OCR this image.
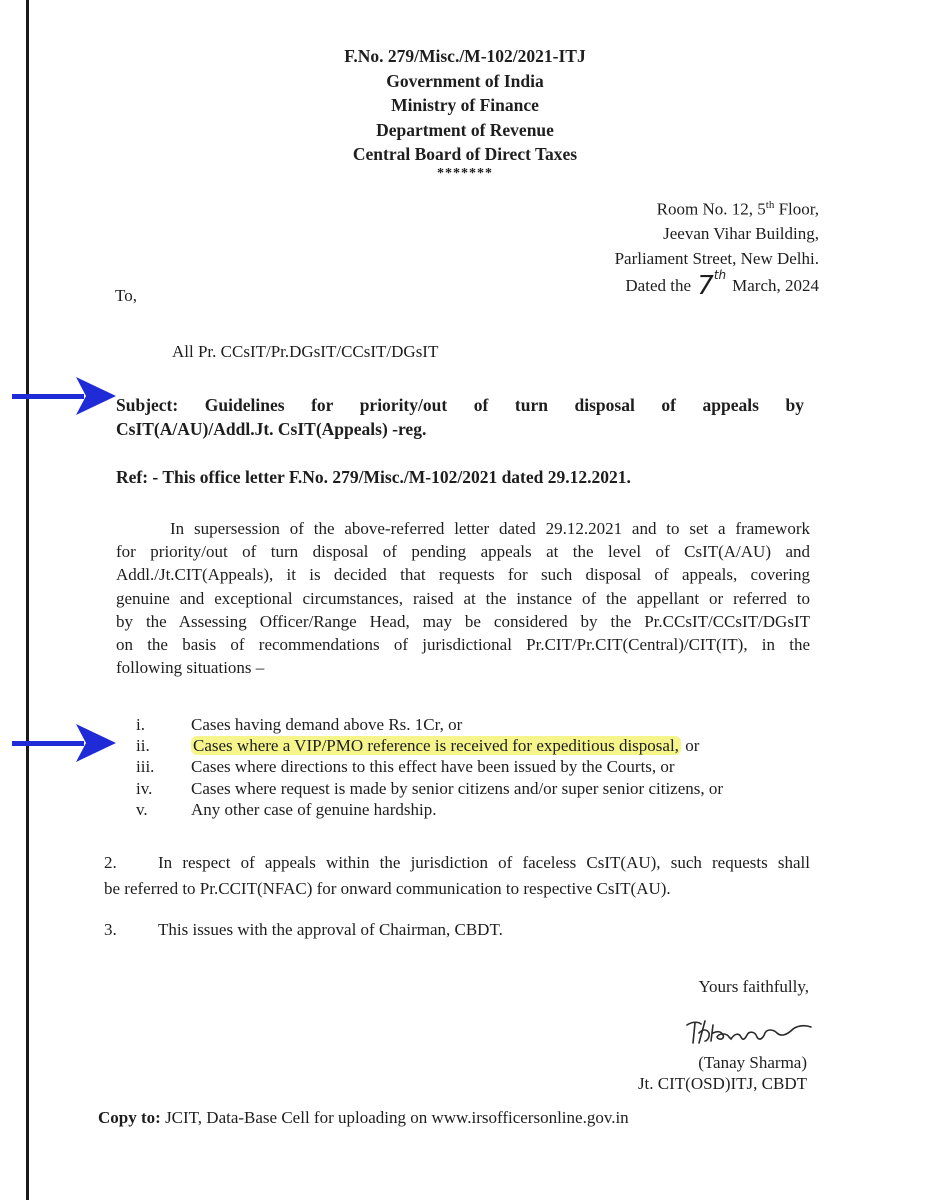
F.No. 279/Misc./M-102/2021-ITJ
Government of India
Ministry of Finance
Department of Revenue
Central Board of Direct Taxes
*******
Room No. 12, 5th Floor,
Jeevan Vihar Building,
Parliament Street, New Delhi.
Dated the 7thMarch, 2024

To,

All Pr. CCsIT/Pr.DGsIT/CCsIT/DGsIT

Subject: Guidelines for priority/out of turn disposal of appeals by
CsIT(A/AU)/Addl.Jt. CsIT(Appeals) -reg.

Ref: - This office letter F.No. 279/Misc./M-102/2021 dated 29.12.2021.

In supersession of the above-referred letter dated 29.12.2021 and to set a framework
for priority/out of turn disposal of pending appeals at the level of CsIT(A/AU) and
Addl./Jt.CIT(Appeals), it is decided that requests for such disposal of appeals, covering
genuine and exceptional circumstances, raised at the instance of the appellant or referred to
by the Assessing Officer/Range Head, may be considered by the Pr.CCsIT/CCsIT/DGsIT
on the basis of recommendations of jurisdictional Pr.CIT/Pr.CIT(Central)/CIT(IT), in the
following situations –
i.	Cases having demand above Rs. 1Cr, or
ii.	Cases where a VIP/PMO reference is received for expeditious disposal, or
iii. Cases where directions to this effect have been issued by the Courts, or
iv. Cases where request is made by senior citizens and/or super senior citizens, or
v.	Any other case of genuine hardship.
2. In respect of appeals within the jurisdiction of faceless CsIT(AU), such requests shall
be referred to Pr.CCIT(NFAC) for onward communication to respective CsIT(AU).

3. This issues with the approval of Chairman, CBDT.

Yours faithfully,
(Tanay Sharma)
Jt. CIT(OSD)ITJ, CBDT

Copy to: JCIT, Data-Base Cell for uploading on www.irsofficersonline.gov.in
